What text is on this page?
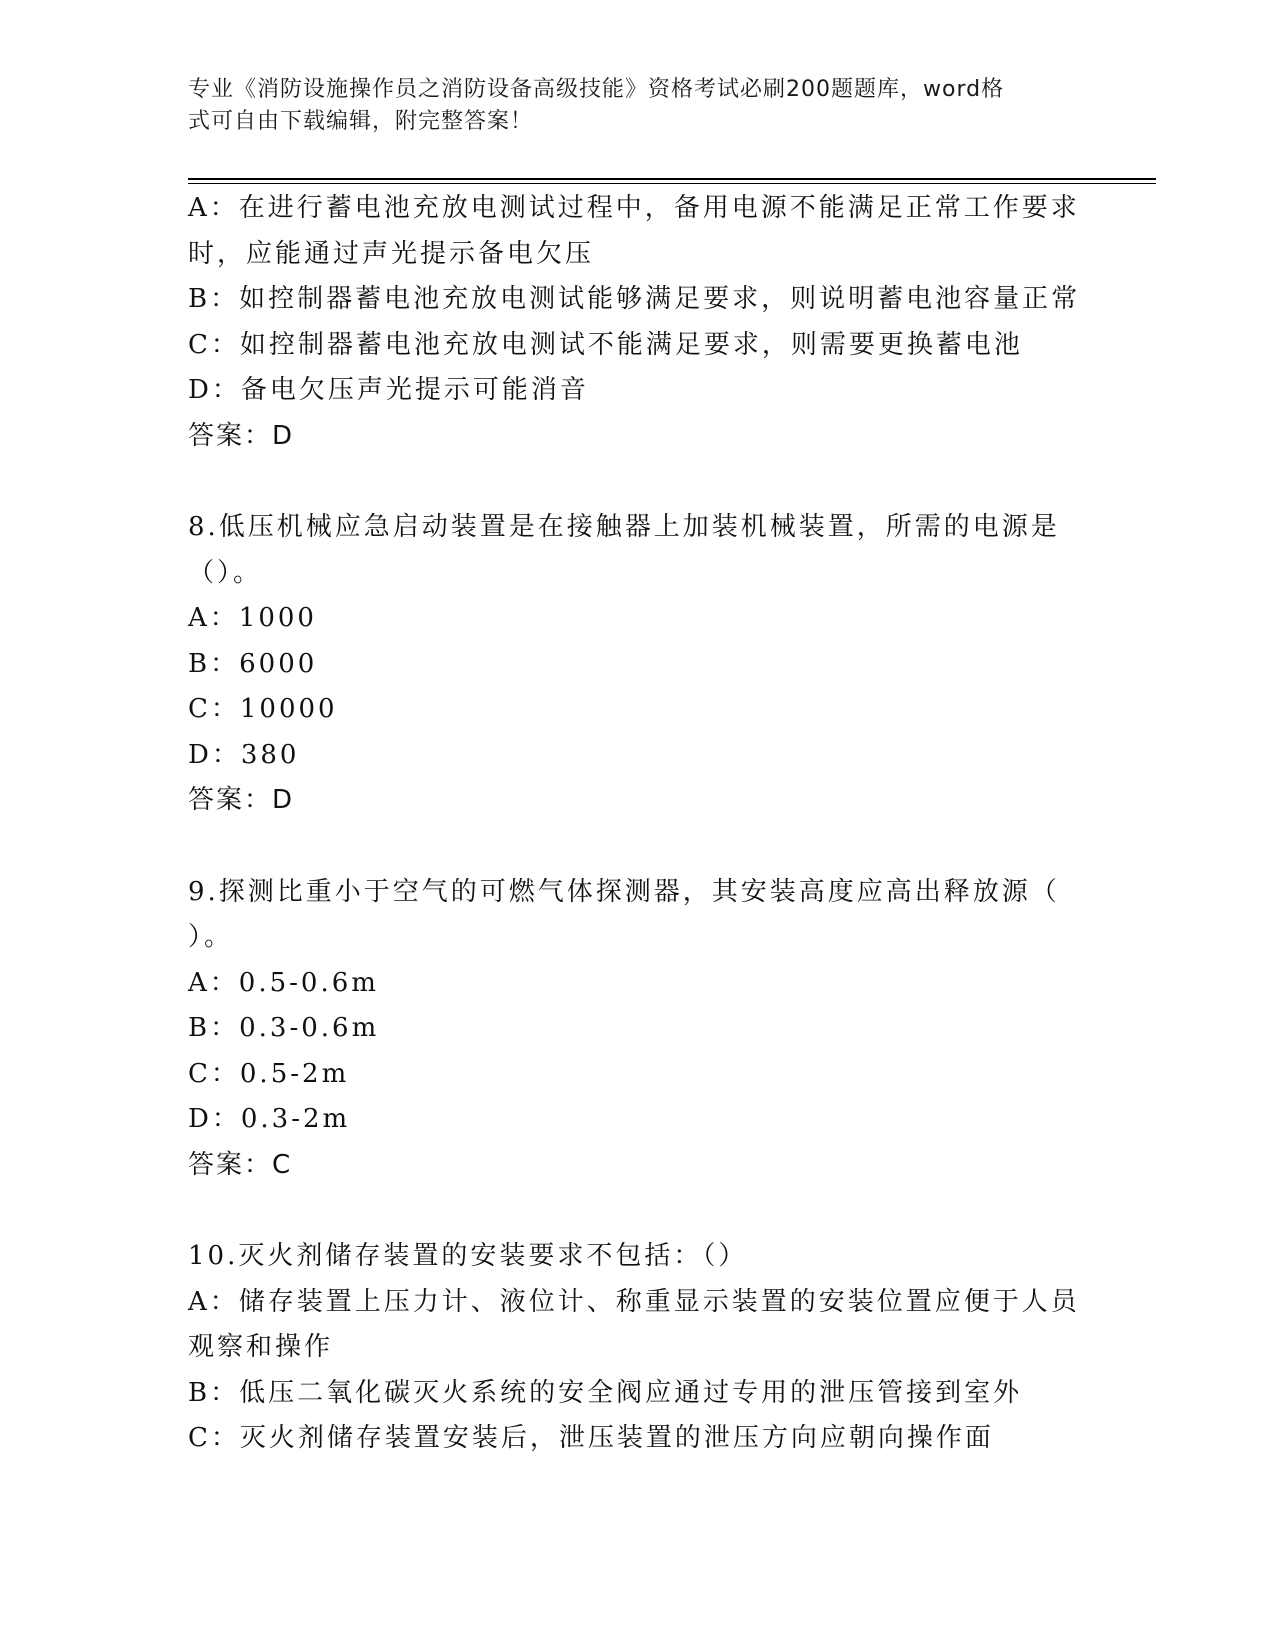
专业《消防设施操作员之消防设备高级技能》资格考试必刷200题题库，word格
式可自由下载编辑，附完整答案！
A：在进行蓄电池充放电测试过程中，备用电源不能满足正常工作要求
时，应能通过声光提示备电欠压
B：如控制器蓄电池充放电测试能够满足要求，则说明蓄电池容量正常
C：如控制器蓄电池充放电测试不能满足要求，则需要更换蓄电池
D：备电欠压声光提示可能消音
答案：D
8.低压机械应急启动装置是在接触器上加装机械装置，所需的电源是
（）。
A：1000
B：6000
C：10000
D：380
答案：D
9.探测比重小于空气的可燃气体探测器，其安装高度应高出释放源（
）。
A：0.5-0.6m
B：0.3-0.6m
C：0.5-2m
D：0.3-2m
答案：C
10.灭火剂储存装置的安装要求不包括：（）
A：储存装置上压力计、液位计、称重显示装置的安装位置应便于人员
观察和操作
B：低压二氧化碳灭火系统的安全阀应通过专用的泄压管接到室外
C：灭火剂储存装置安装后，泄压装置的泄压方向应朝向操作面
